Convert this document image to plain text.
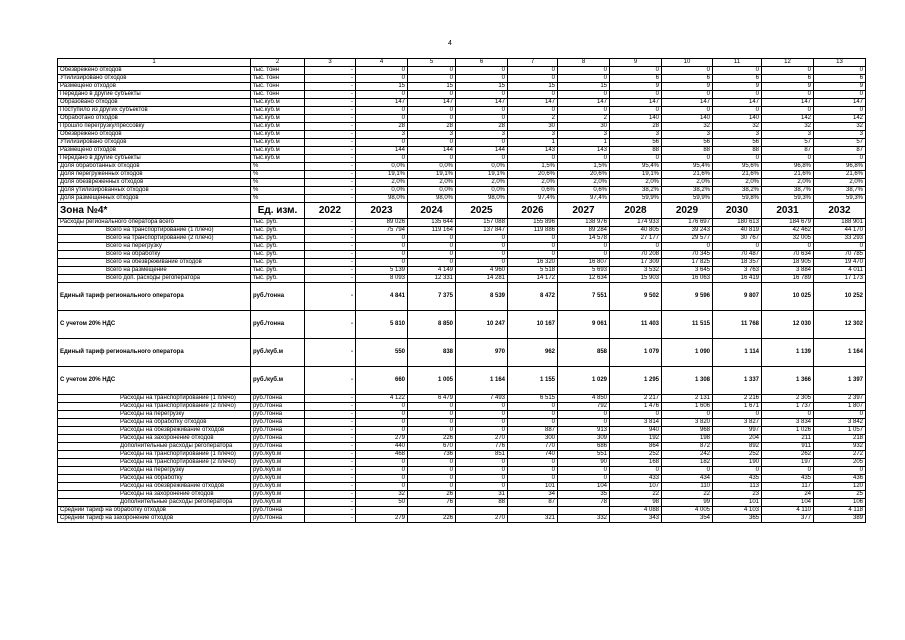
4
1	2	3	4	5	6	7	8	9	10	11	12	13
Обезврежено отходов	тыс. тонн	-	0	0	0	0	0	0	0	0	0	0
Утилизировано отходов	тыс. тонн	-	0	0	0	0	0	6	6	6	6	6
Размещено отходов	тыс. тонн	-	15	15	15	15	15	9	9	9	9	9
Передано в другие субъекты	тыс. тонн	-	0	0	0	0	0	0	0	0	0	0
Образовано отходов	тыс.куб.м	-	147	147	147	147	147	147	147	147	147	147
Поступило из других субъектов	тыс.куб.м	-	0	0	0	0	0	0	0	0	0	0
Обработано отходов	тыс.куб.м	-	0	0	0	2	2	140	140	140	142	142
Прошло перегрузку/прессовку	тыс.куб.м	-	28	28	28	30	30	28	32	32	32	32
Обезврежено отходов	тыс.куб.м	-	3	3	3	3	3	3	3	3	3	3
Утилизировано отходов	тыс.куб.м	-	0	0	0	1	1	56	56	56	57	57
Размещено отходов	тыс.куб.м	-	144	144	144	143	143	88	88	88	87	87
Передано в другие субъекты	тыс.куб.м	-	0	0	0	0	0	0	0	0	0	0
Доля обработанных отходов	%	-	0,0%	0,0%	0,0%	1,5%	1,5%	95,4%	95,4%	95,6%	96,8%	96,8%
Доля перегруженных отходов	%	-	19,1%	19,1%	19,1%	20,6%	20,6%	19,1%	21,6%	21,6%	21,6%	21,6%
Доля обезвреженных отходов	%	-	2,0%	2,0%	2,0%	2,0%	2,0%	2,0%	2,0%	2,0%	2,0%	2,0%
Доля утилизированных отходов	%	-	0,0%	0,0%	0,0%	0,6%	0,6%	38,2%	38,2%	38,2%	38,7%	38,7%
Доля размещенных отходов	%	-	98,0%	98,0%	98,0%	97,4%	97,4%	59,9%	59,9%	59,8%	59,3%	59,3%
Зона №4*	Ед. изм.	2022	2023	2024	2025	2026	2027	2028	2029	2030	2031	2032
Расходы регионального оператора всего	тыс. руб.	-	89 026	135 644	157 088	155 896	138 976	174 933	176 697	180 613	184 679	188 901
Всего на транспортирование (1 плечо)	тыс. руб.	-	75 794	119 164	137 847	119 886	89 284	40 805	39 243	40 819	42 462	44 170
Всего на транспортирование (2 плечо)	тыс. руб.	-	0	0	0	0	14 578	27 177	29 577	30 767	32 005	33 293
Всего на перегрузку	тыс. руб.	-	0	0	0	0	0	0	0	0	0	0
Всего на обработку	тыс. руб.	-	0	0	0	0	0	70 208	70 345	70 487	70 634	70 785
Всего на обезвреживание отходов	тыс. руб.	-	0	0	0	16 320	16 807	17 309	17 825	18 357	18 905	19 470
Всего на размещение	тыс. руб.	-	5 139	4 149	4 960	5 518	5 693	3 532	3 645	3 763	3 884	4 011
Всего доп. расходы регоператора	тыс. руб.	-	8 093	12 331	14 281	14 172	12 634	15 903	16 063	16 419	16 789	17 173
Единый тариф регионального оператора	руб./тонна	-	4 841	7 375	8 539	8 472	7 551	9 502	9 596	9 807	10 025	10 252
С учетом 20% НДС	руб./тонна	-	5 810	8 850	10 247	10 167	9 061	11 403	11 515	11 768	12 030	12 302
Единый тариф регионального оператора	руб./куб.м	-	550	838	970	962	858	1 079	1 090	1 114	1 139	1 164
С учетом 20% НДС	руб./куб.м	-	660	1 005	1 164	1 155	1 029	1 295	1 308	1 337	1 366	1 397
Расходы на транспортирование (1 плечо)	руб./тонна	-	4 122	6 479	7 493	6 515	4 850	2 217	2 131	2 216	2 305	2 397
Расходы на транспортирование (2 плечо)	руб./тонна	-	0	0	0	0	792	1 476	1 606	1 671	1 737	1 807
Расходы на перегрузку	руб./тонна	-	0	0	0	0	0	0	0	0	0	0
Расходы на обработку отходов	руб./тонна	-	0	0	0	0	0	3 814	3 820	3 827	3 834	3 842
Расходы на обезвреживание отходов	руб./тонна	-	0	0	0	887	913	940	968	997	1 026	1 057
Расходы на захоронение отходов	руб./тонна	-	279	226	270	300	309	192	198	204	211	218
Дополнительные расходы регоператора	руб./тонна	-	440	670	776	770	686	864	872	892	911	932
Расходы на транспортирование (1 плечо)	руб./куб.м	-	468	736	851	740	551	252	242	252	262	272
Расходы на транспортирование (2 плечо)	руб./куб.м	-	0	0	0	0	90	168	182	190	197	205
Расходы на перегрузку	руб./куб.м	-	0	0	0	0	0	0	0	0	0	0
Расходы на обработку	руб./куб.м	-	0	0	0	0	0	433	434	435	435	436
Расходы на обезвреживание отходов	руб./куб.м	-	0	0	0	101	104	107	110	113	117	120
Расходы на захоронение отходов	руб./куб.м	-	32	26	31	34	35	22	22	23	24	25
Дополнительные расходы регоператора	руб./куб.м	-	50	76	88	87	78	98	99	101	104	106
Средний тариф на обработку отходов	руб./тонна	-						4 088	4 005	4 103	4 110	4 118
Средний тариф на захоронение отходов	руб./тонна	-	279	226	270	321	332	343	354	365	377	389
